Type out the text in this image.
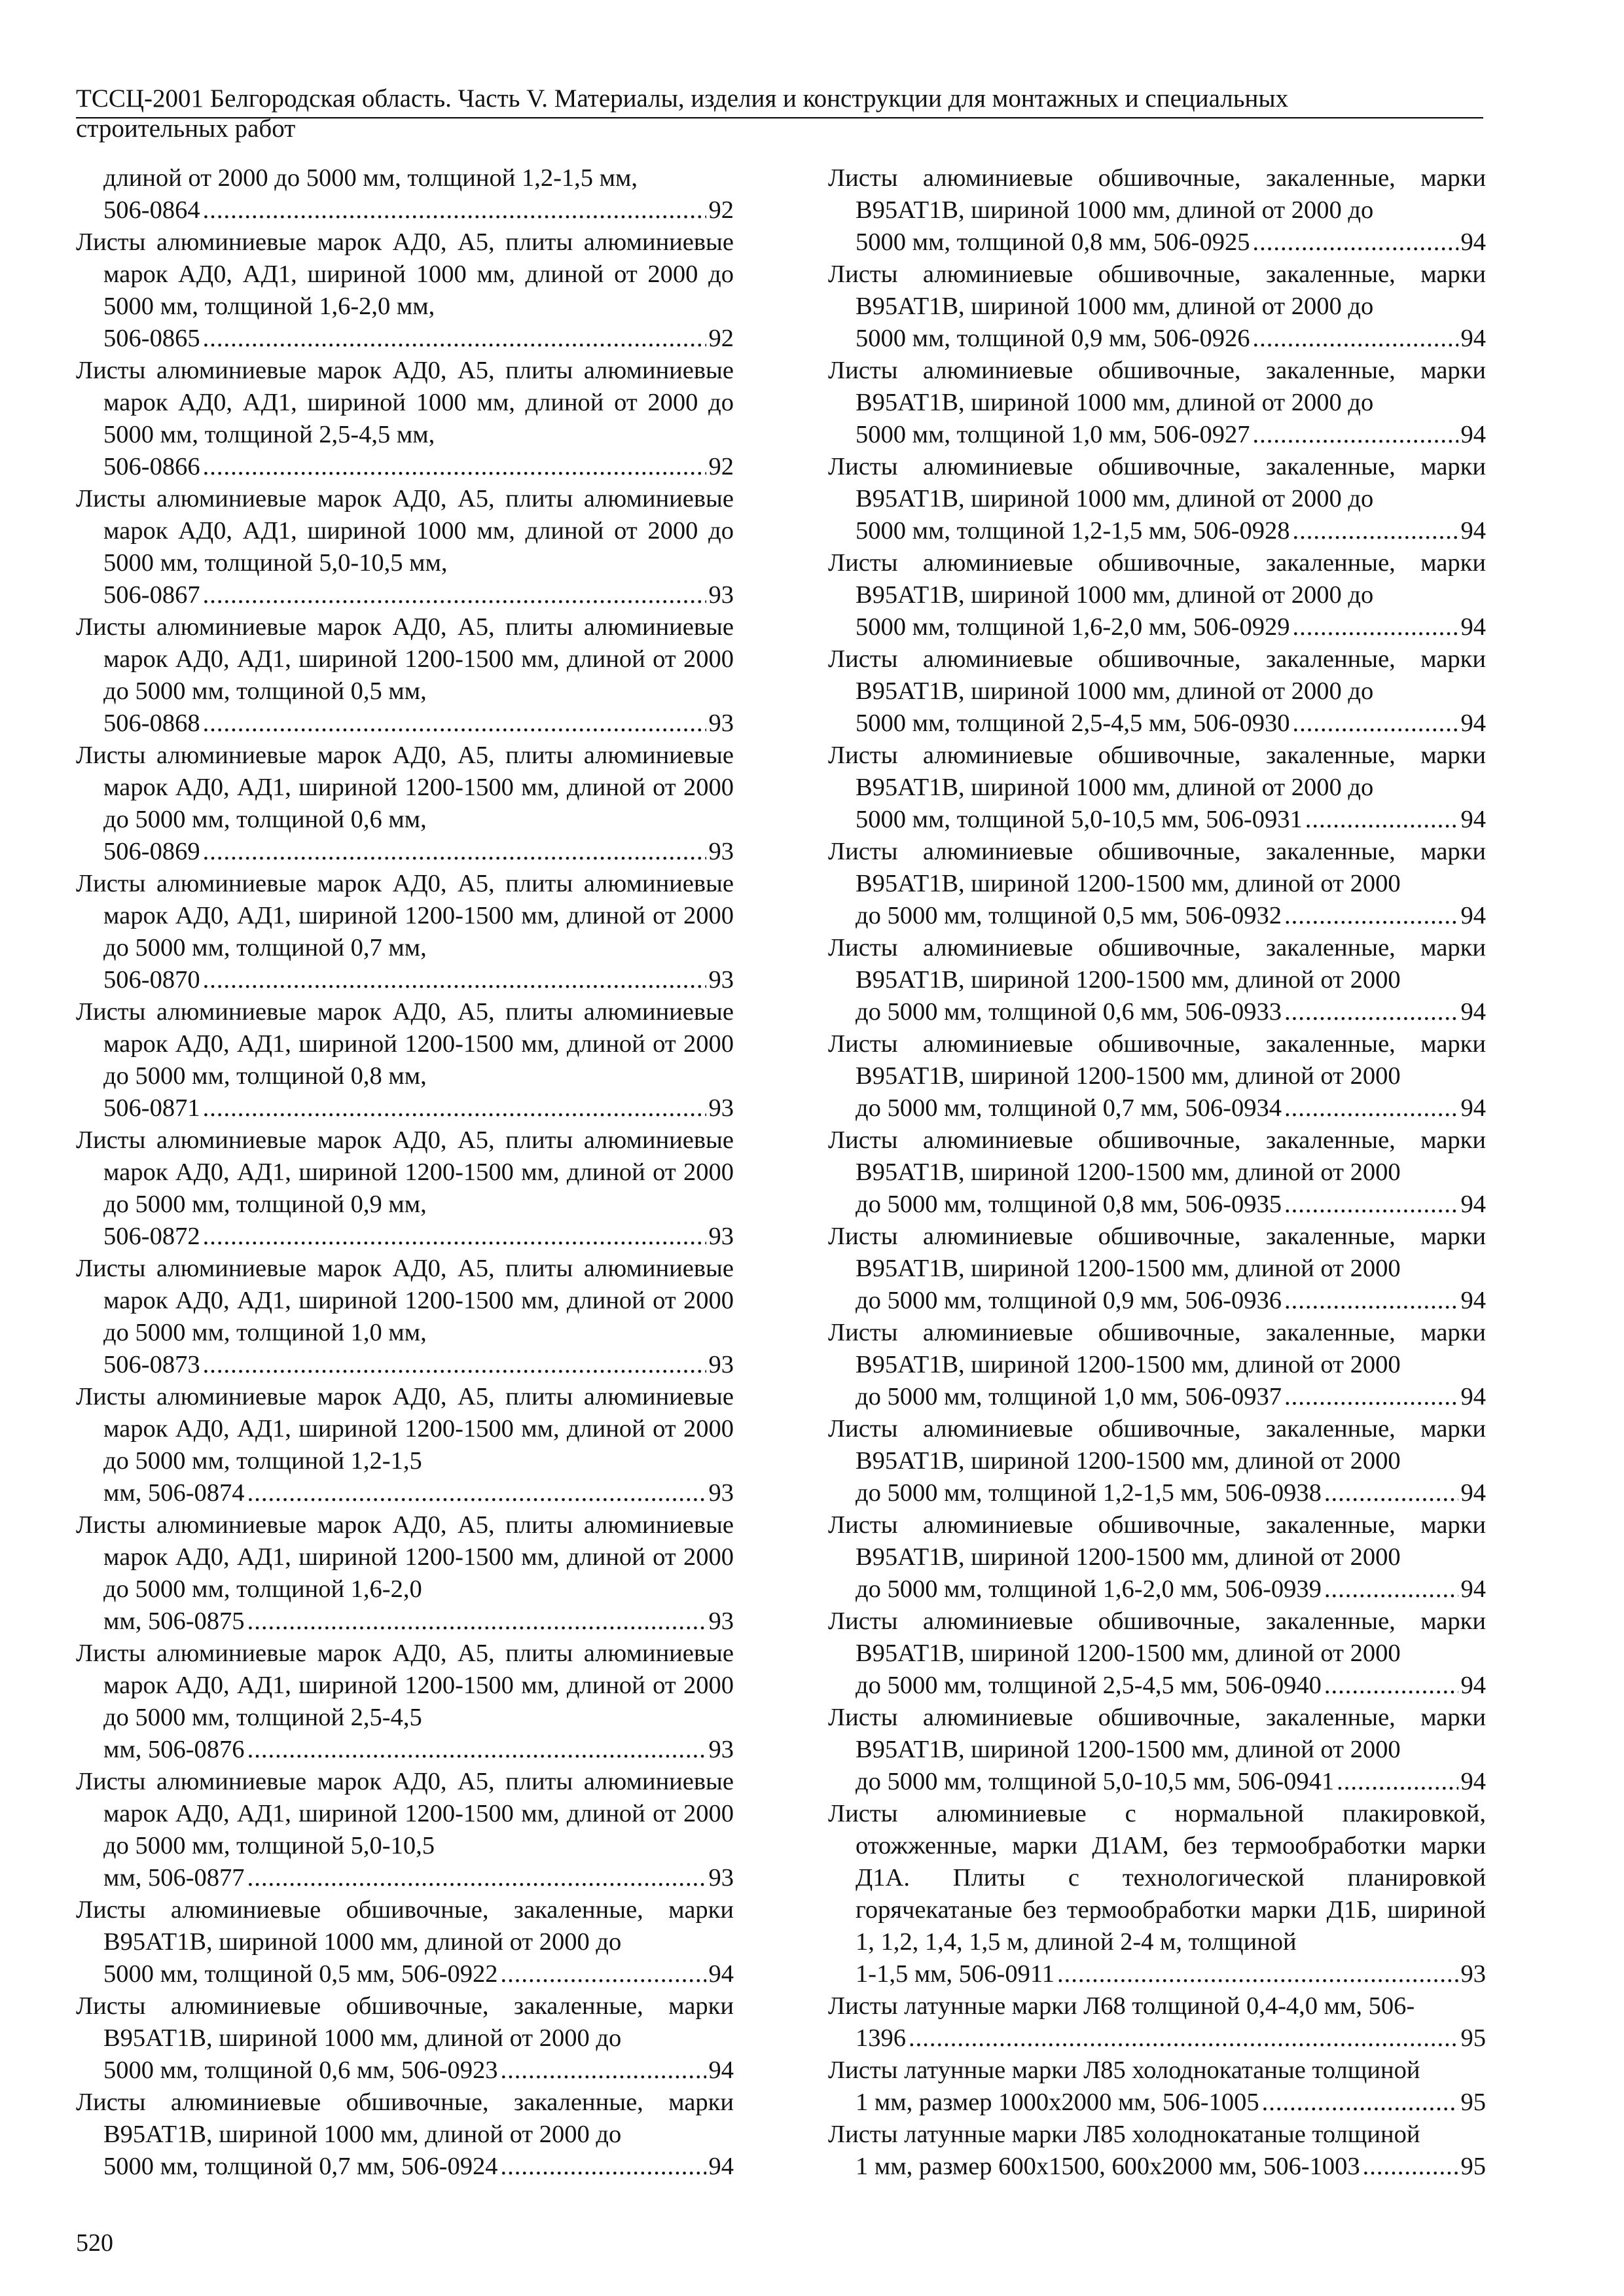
ТССЦ-2001 Белгородская область. Часть V. Материалы, изделия и конструкции для монтажных и специальных
строительных работ
длиной от 2000 до 5000 мм, толщиной 1,2-1,5 мм,
506-0864 .....	92
Листы алюминиевые марок АД0, А5, плиты алюминиевые марок АД0, АД1, шириной 1000 мм, длиной от 2000 до 5000 мм, толщиной 1,6-2,0 мм,
506-0865 .....	92
Листы алюминиевые марок АД0, А5, плиты алюминиевые марок АД0, АД1, шириной 1000 мм, длиной от 2000 до 5000 мм, толщиной 2,5-4,5 мм,
506-0866 .....	92
Листы алюминиевые марок АД0, А5, плиты алюминиевые марок АД0, АД1, шириной 1000 мм, длиной от 2000 до 5000 мм, толщиной 5,0-10,5 мм,
506-0867 .....	93
Листы алюминиевые марок АД0, А5, плиты алюминиевые марок АД0, АД1, шириной 1200-1500 мм, длиной от 2000 до 5000 мм, толщиной 0,5 мм,
506-0868 .....	93
Листы алюминиевые марок АД0, А5, плиты алюминиевые марок АД0, АД1, шириной 1200-1500 мм, длиной от 2000 до 5000 мм, толщиной 0,6 мм,
506-0869 .....	93
Листы алюминиевые марок АД0, А5, плиты алюминиевые марок АД0, АД1, шириной 1200-1500 мм, длиной от 2000 до 5000 мм, толщиной 0,7 мм,
506-0870 .....	93
Листы алюминиевые марок АД0, А5, плиты алюминиевые марок АД0, АД1, шириной 1200-1500 мм, длиной от 2000 до 5000 мм, толщиной 0,8 мм,
506-0871 .....	93
Листы алюминиевые марок АД0, А5, плиты алюминиевые марок АД0, АД1, шириной 1200-1500 мм, длиной от 2000 до 5000 мм, толщиной 0,9 мм,
506-0872 .....	93
Листы алюминиевые марок АД0, А5, плиты алюминиевые марок АД0, АД1, шириной 1200-1500 мм, длиной от 2000 до 5000 мм, толщиной 1,0 мм,
506-0873 .....	93
Листы алюминиевые марок АД0, А5, плиты алюминиевые марок АД0, АД1, шириной 1200-1500 мм, длиной от 2000 до 5000 мм, толщиной 1,2-1,5
мм, 506-0874 .....	93
Листы алюминиевые марок АД0, А5, плиты алюминиевые марок АД0, АД1, шириной 1200-1500 мм, длиной от 2000 до 5000 мм, толщиной 1,6-2,0
мм, 506-0875 .....	93
Листы алюминиевые марок АД0, А5, плиты алюминиевые марок АД0, АД1, шириной 1200-1500 мм, длиной от 2000 до 5000 мм, толщиной 2,5-4,5
мм, 506-0876 .....	93
Листы алюминиевые марок АД0, А5, плиты алюминиевые марок АД0, АД1, шириной 1200-1500 мм, длиной от 2000 до 5000 мм, толщиной 5,0-10,5
мм, 506-0877 .....	93
Листы алюминиевые обшивочные, закаленные, марки В95АТ1В, шириной 1000 мм, длиной от 2000 до
5000 мм, толщиной 0,5 мм, 506-0922 .....	94
Листы алюминиевые обшивочные, закаленные, марки В95АТ1В, шириной 1000 мм, длиной от 2000 до
5000 мм, толщиной 0,6 мм, 506-0923 .....	94
Листы алюминиевые обшивочные, закаленные, марки В95АТ1В, шириной 1000 мм, длиной от 2000 до
5000 мм, толщиной 0,7 мм, 506-0924 .....	94
Листы алюминиевые обшивочные, закаленные, марки В95АТ1В, шириной 1000 мм, длиной от 2000 до
5000 мм, толщиной 0,8 мм, 506-0925 .....	94
Листы алюминиевые обшивочные, закаленные, марки В95АТ1В, шириной 1000 мм, длиной от 2000 до
5000 мм, толщиной 0,9 мм, 506-0926 .....	94
Листы алюминиевые обшивочные, закаленные, марки В95АТ1В, шириной 1000 мм, длиной от 2000 до
5000 мм, толщиной 1,0 мм, 506-0927 .....	94
Листы алюминиевые обшивочные, закаленные, марки В95АТ1В, шириной 1000 мм, длиной от 2000 до
5000 мм, толщиной 1,2-1,5 мм, 506-0928 .....	94
Листы алюминиевые обшивочные, закаленные, марки В95АТ1В, шириной 1000 мм, длиной от 2000 до
5000 мм, толщиной 1,6-2,0 мм, 506-0929 .....	94
Листы алюминиевые обшивочные, закаленные, марки В95АТ1В, шириной 1000 мм, длиной от 2000 до
5000 мм, толщиной 2,5-4,5 мм, 506-0930 .....	94
Листы алюминиевые обшивочные, закаленные, марки В95АТ1В, шириной 1000 мм, длиной от 2000 до
5000 мм, толщиной 5,0-10,5 мм, 506-0931 .....	94
Листы алюминиевые обшивочные, закаленные, марки В95АТ1В, шириной 1200-1500 мм, длиной от 2000
до 5000 мм, толщиной 0,5 мм, 506-0932 .....	94
Листы алюминиевые обшивочные, закаленные, марки В95АТ1В, шириной 1200-1500 мм, длиной от 2000
до 5000 мм, толщиной 0,6 мм, 506-0933 .....	94
Листы алюминиевые обшивочные, закаленные, марки В95АТ1В, шириной 1200-1500 мм, длиной от 2000
до 5000 мм, толщиной 0,7 мм, 506-0934 .....	94
Листы алюминиевые обшивочные, закаленные, марки В95АТ1В, шириной 1200-1500 мм, длиной от 2000
до 5000 мм, толщиной 0,8 мм, 506-0935 .....	94
Листы алюминиевые обшивочные, закаленные, марки В95АТ1В, шириной 1200-1500 мм, длиной от 2000
до 5000 мм, толщиной 0,9 мм, 506-0936 .....	94
Листы алюминиевые обшивочные, закаленные, марки В95АТ1В, шириной 1200-1500 мм, длиной от 2000
до 5000 мм, толщиной 1,0 мм, 506-0937 .....	94
Листы алюминиевые обшивочные, закаленные, марки В95АТ1В, шириной 1200-1500 мм, длиной от 2000
до 5000 мм, толщиной 1,2-1,5 мм, 506-0938 .....	94
Листы алюминиевые обшивочные, закаленные, марки В95АТ1В, шириной 1200-1500 мм, длиной от 2000
до 5000 мм, толщиной 1,6-2,0 мм, 506-0939 .....	94
Листы алюминиевые обшивочные, закаленные, марки В95АТ1В, шириной 1200-1500 мм, длиной от 2000
до 5000 мм, толщиной 2,5-4,5 мм, 506-0940 .....	94
Листы алюминиевые обшивочные, закаленные, марки В95АТ1В, шириной 1200-1500 мм, длиной от 2000
до 5000 мм, толщиной 5,0-10,5 мм, 506-0941 .....	94
Листы алюминиевые с нормальной плакировкой, отожженные, марки Д1АМ, без термообработки марки Д1А. Плиты с технологической планировкой горячекатаные без термообработки марки Д1Б, шириной 1, 1,2, 1,4, 1,5 м, длиной 2-4 м, толщиной
1-1,5 мм, 506-0911 .....	93
Листы латунные марки Л68 толщиной 0,4-4,0 мм, 506-
1396 .....	95
Листы латунные марки Л85 холоднокатаные толщиной
1 мм, размер 1000х2000 мм, 506-1005 .....	95
Листы латунные марки Л85 холоднокатаные толщиной
1 мм, размер 600х1500, 600х2000 мм, 506-1003 .....	95
520
